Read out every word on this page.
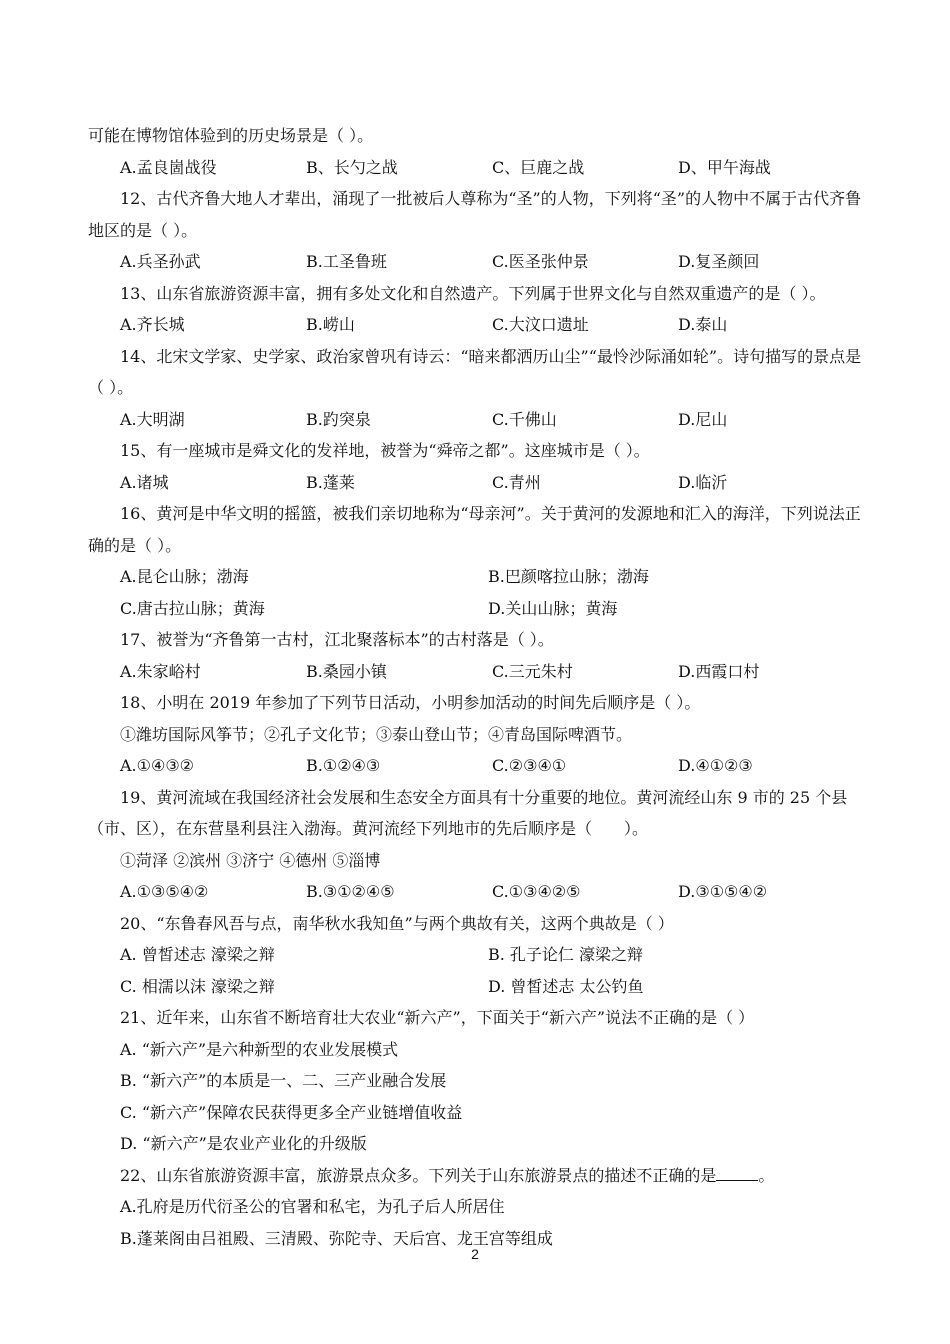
可能在博物馆体验到的历史场景是（ ）。
A.孟良崮战役	B、长勺之战	C、巨鹿之战	D、甲午海战
12、古代齐鲁大地人才辈出，涌现了一批被后人尊称为“圣”的人物，下列将“圣”的人物中不属于古代齐鲁地区的是（ ）。
A.兵圣孙武	B.工圣鲁班	C.医圣张仲景	D.复圣颜回
13、山东省旅游资源丰富，拥有多处文化和自然遗产。下列属于世界文化与自然双重遗产的是（ ）。
A.齐长城	B.崂山	C.大汶口遗址	D.泰山
14、北宋文学家、史学家、政治家曾巩有诗云：“暗来都洒历山尘”“最怜沙际涌如轮”。诗句描写的景点是（ ）。
A.大明湖	B.趵突泉	C.千佛山	D.尼山
15、有一座城市是舜文化的发祥地，被誉为“舜帝之都”。这座城市是（ ）。
A.诸城	B.蓬莱	C.青州	D.临沂
16、黄河是中华文明的摇篮，被我们亲切地称为“母亲河”。关于黄河的发源地和汇入的海洋，下列说法正确的是（ ）。
A.昆仑山脉；渤海	B.巴颜喀拉山脉；渤海
C.唐古拉山脉；黄海	D.关山山脉；黄海
17、被誉为“齐鲁第一古村，江北聚落标本”的古村落是（ ）。
A.朱家峪村	B.桑园小镇	C.三元朱村	D.西霞口村
18、小明在 2019 年参加了下列节日活动，小明参加活动的时间先后顺序是（ ）。
①潍坊国际风筝节；②孔子文化节；③泰山登山节；④青岛国际啤酒节。
A.①④③②	B.①②④③	C.②③④①	D.④①②③
19、黄河流域在我国经济社会发展和生态安全方面具有十分重要的地位。黄河流经山东 9 市的 25 个县（市、区），在东营垦利县注入渤海。黄河流经下列地市的先后顺序是（　　）。
①菏泽 ②滨州 ③济宁 ④德州 ⑤淄博
A.①③⑤④②	B.③①②④⑤	C.①③④②⑤	D.③①⑤④②
20、“东鲁春风吾与点，南华秋水我知鱼”与两个典故有关，这两个典故是（ ）
A. 曾皙述志 濠梁之辩	B. 孔子论仁 濠梁之辩
C. 相濡以沫 濠梁之辩	D. 曾皙述志 太公钓鱼
21、近年来，山东省不断培育壮大农业“新六产”，下面关于“新六产”说法不正确的是（ ）
A. “新六产”是六种新型的农业发展模式
B. “新六产”的本质是一、二、三产业融合发展
C. “新六产”保障农民获得更多全产业链增值收益
D. “新六产”是农业产业化的升级版
22、山东省旅游资源丰富，旅游景点众多。下列关于山东旅游景点的描述不正确的是	。
A.孔府是历代衍圣公的官署和私宅，为孔子后人所居住
B.蓬莱阁由吕祖殿、三清殿、弥陀寺、天后宫、龙王宫等组成
2
